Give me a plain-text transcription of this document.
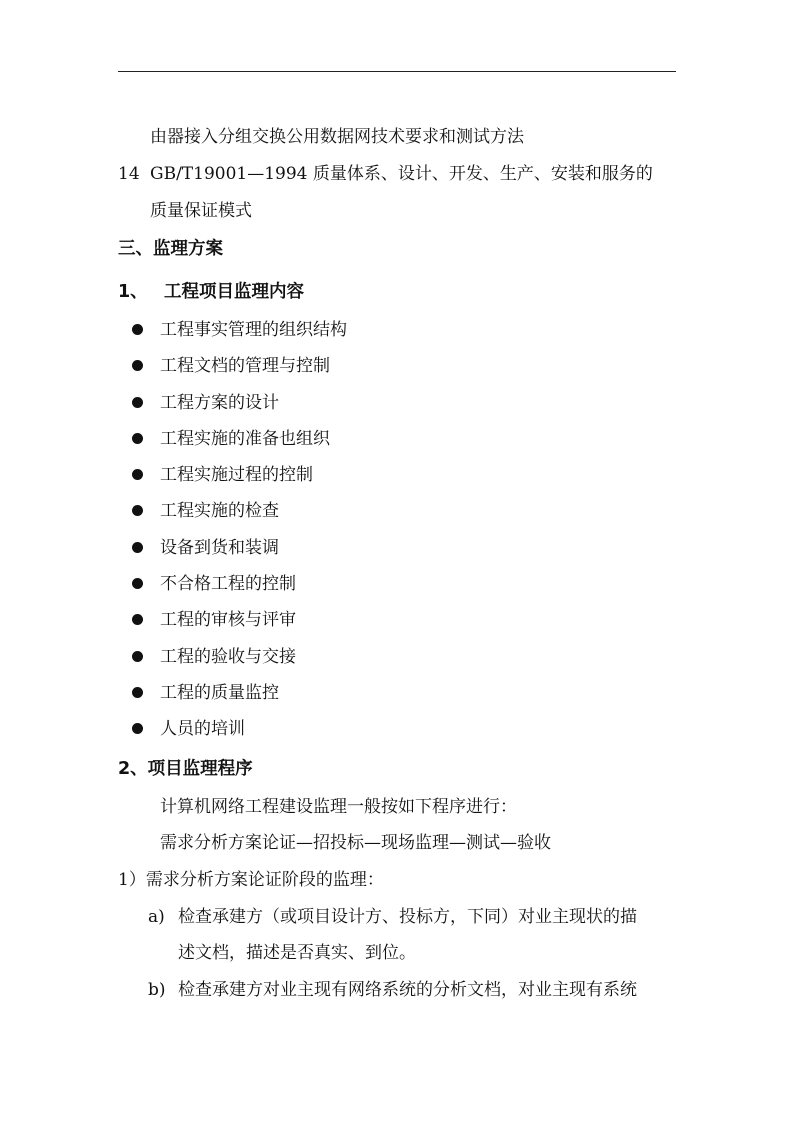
由器接入分组交换公用数据网技术要求和测试方法
14 GB/T19001—1994 质量体系、设计、开发、生产、安装和服务的
质量保证模式
三、监理方案
1、 工程项目监理内容
工程事实管理的组织结构
工程文档的管理与控制
工程方案的设计
工程实施的准备也组织
工程实施过程的控制
工程实施的检查
设备到货和装调
不合格工程的控制
工程的审核与评审
工程的验收与交接
工程的质量监控
人员的培训
2、项目监理程序
计算机网络工程建设监理一般按如下程序进行：
需求分析方案论证—招投标—现场监理—测试—验收
1）需求分析方案论证阶段的监理：
a) 检查承建方（或项目设计方、投标方，下同）对业主现状的描
述文档，描述是否真实、到位。
b) 检查承建方对业主现有网络系统的分析文档，对业主现有系统
